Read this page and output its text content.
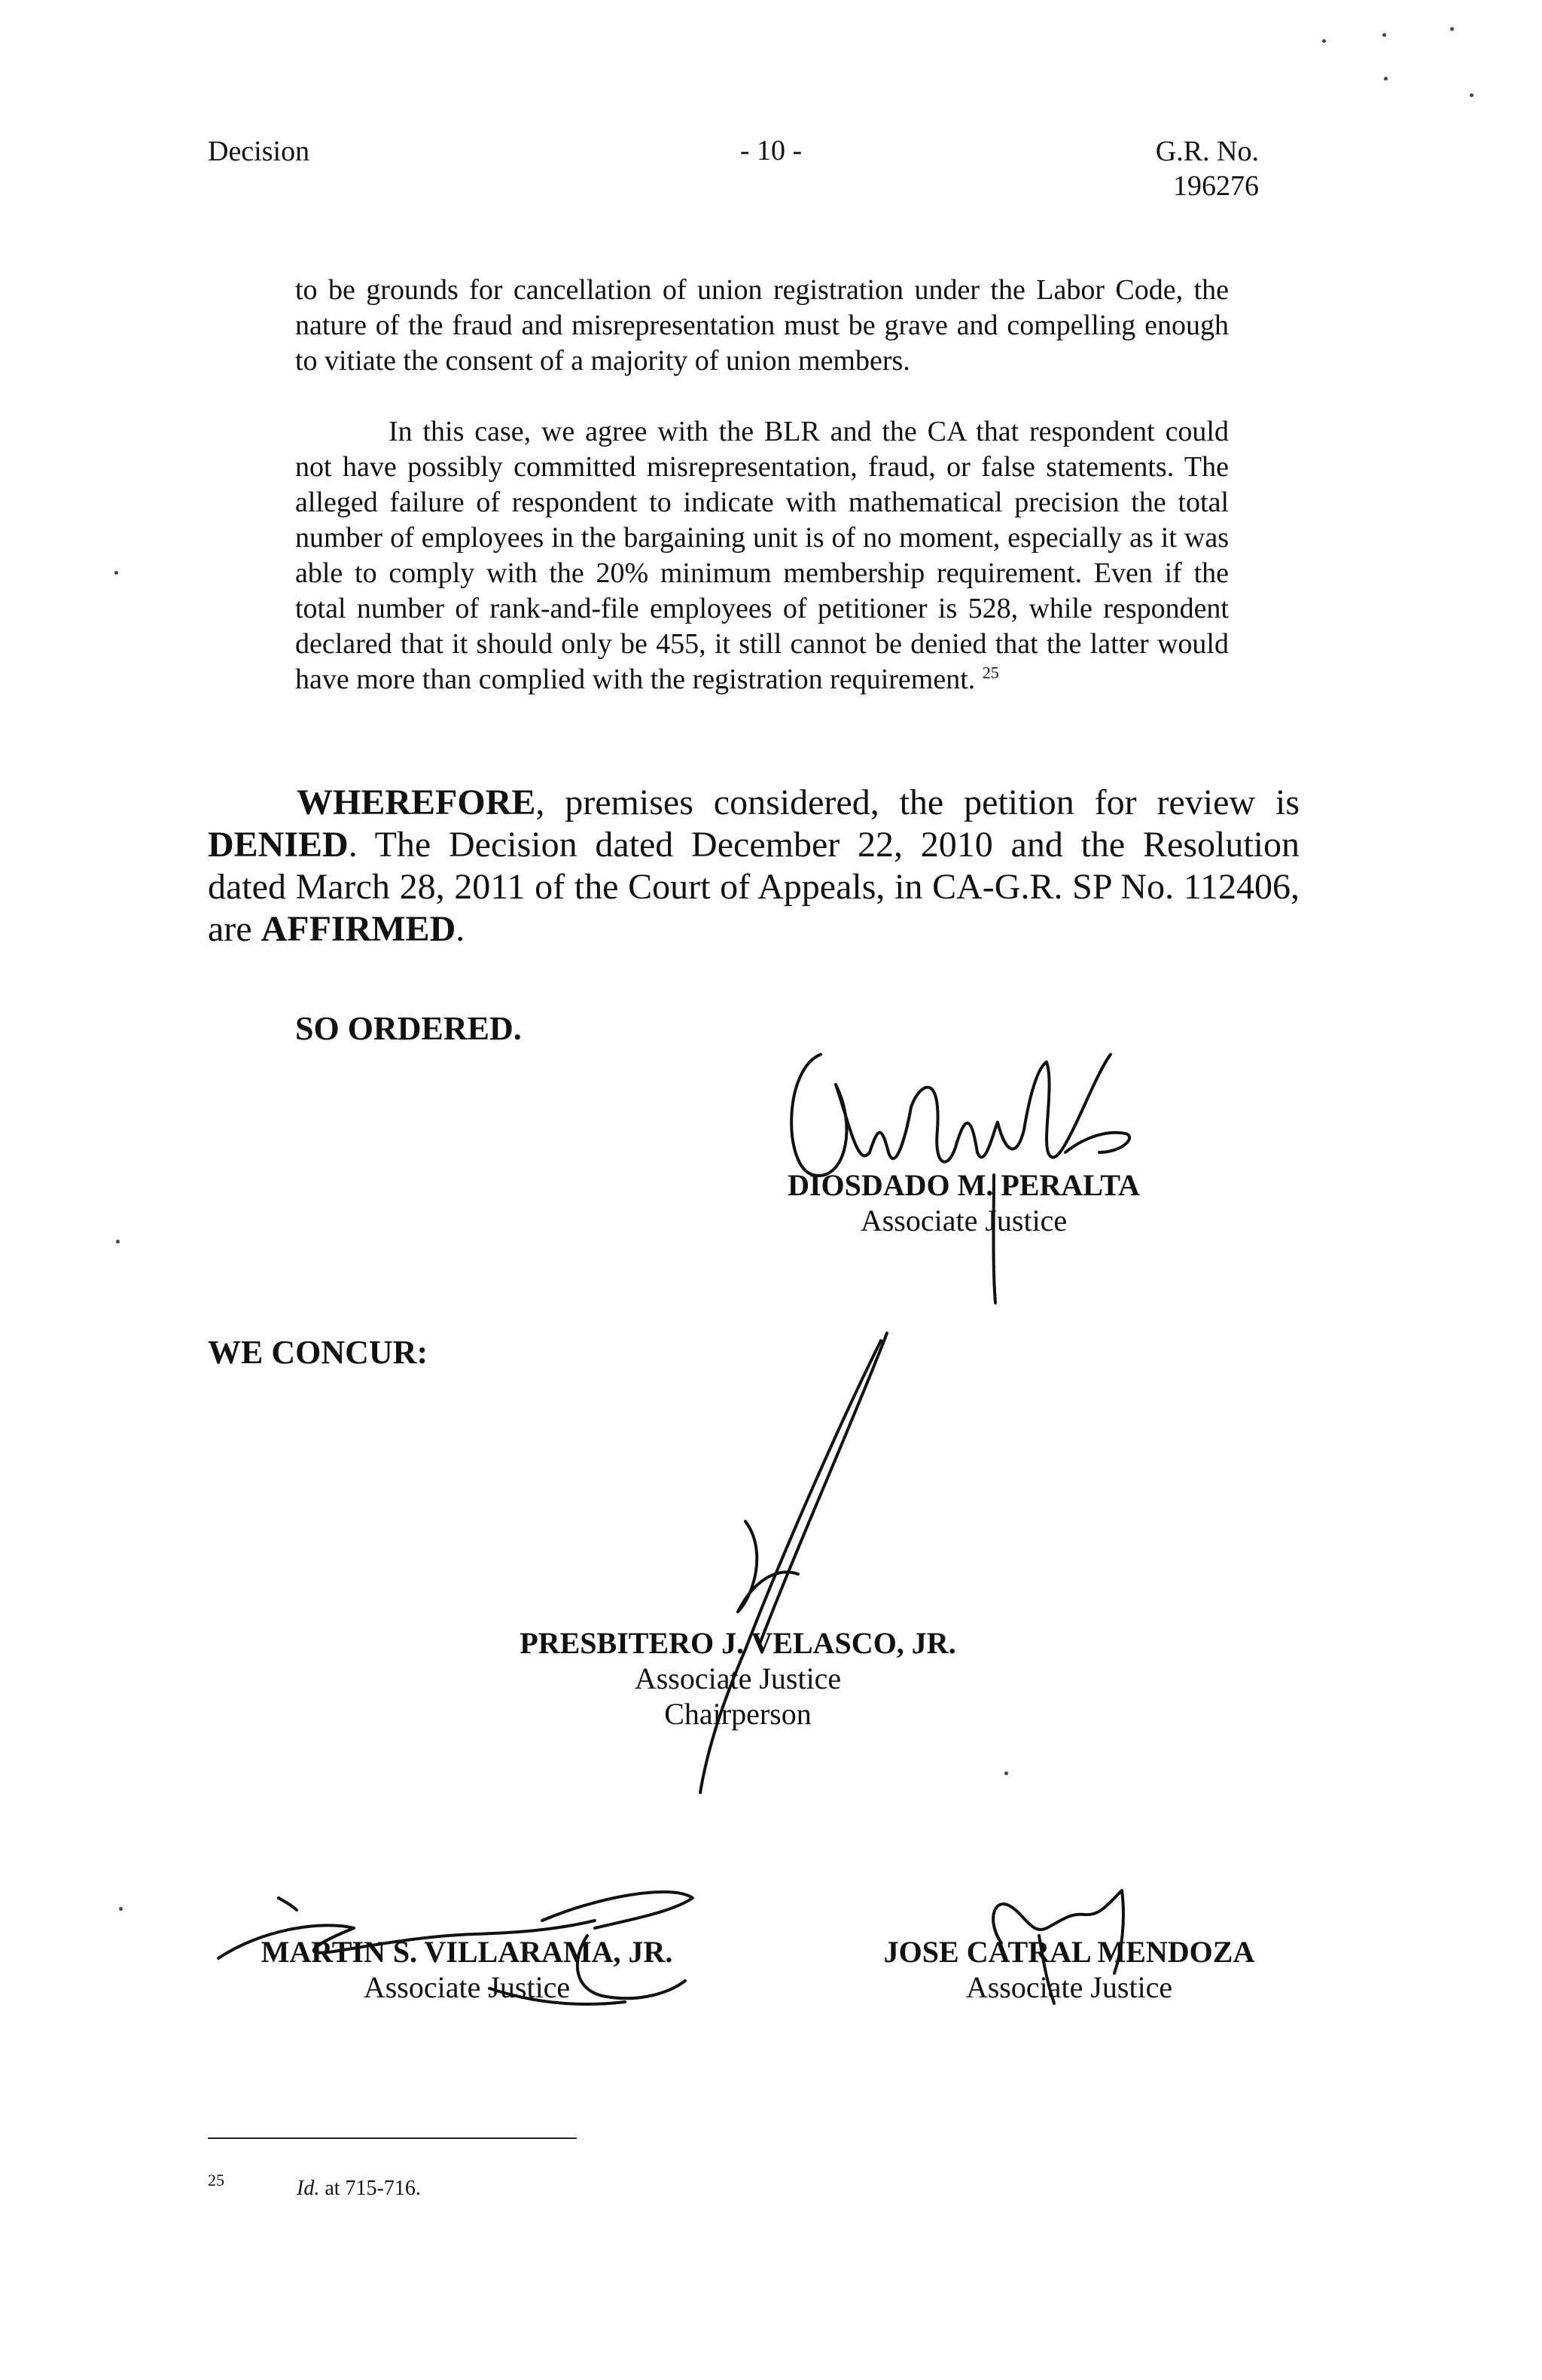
Decision	- 10 -	G.R. No. 196276

to be grounds for cancellation of union registration under the Labor Code, the nature of the fraud and misrepresentation must be grave and compelling enough to vitiate the consent of a majority of union members.

In this case, we agree with the BLR and the CA that respondent could not have possibly committed misrepresentation, fraud, or false statements. The alleged failure of respondent to indicate with mathematical precision the total number of employees in the bargaining unit is of no moment, especially as it was able to comply with the 20% minimum membership requirement. Even if the total number of rank-and-file employees of petitioner is 528, while respondent declared that it should only be 455, it still cannot be denied that the latter would have more than complied with the registration requirement. $^{25}$

WHEREFORE, premises considered, the petition for review is DENIED. The Decision dated December 22, 2010 and the Resolution dated March 28, 2011 of the Court of Appeals, in CA-G.R. SP No. 112406, are AFFIRMED.
SO ORDERED.
DIOSDADO M. PERALTA
Associate Justice
WE CONCUR:
PRESBITERO J. VELASCO, JR.
Associate Justice
Chairperson
MARTIN S. VILLARAMA, JR.
Associate Justice
JOSE CATRAL MENDOZA
Associate Justice
25	Id. at 715-716.
